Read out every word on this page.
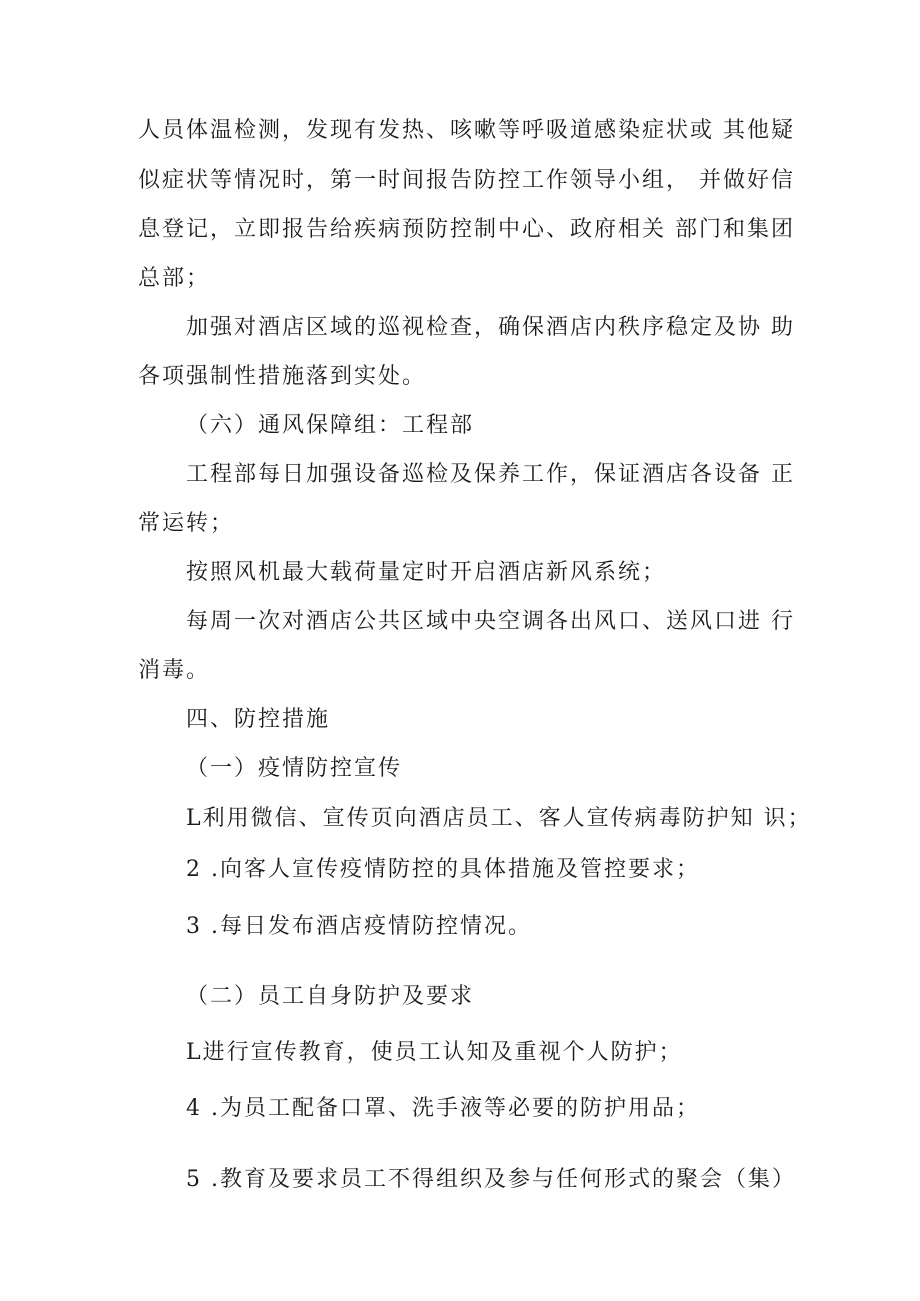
人员体温检测，发现有发热、咳嗽等呼吸道感染症状或 其他疑
似症状等情况时，第一时间报告防控工作领导小组， 并做好信
息登记，立即报告给疾病预防控制中心、政府相关 部门和集团
总部；
加强对酒店区域的巡视检查，确保酒店内秩序稳定及协 助
各项强制性措施落到实处。
（六）通风保障组：工程部
工程部每日加强设备巡检及保养工作，保证酒店各设备 正
常运转；
按照风机最大载荷量定时开启酒店新风系统；
每周一次对酒店公共区域中央空调各出风口、送风口进 行
消毒。
四、防控措施
（一）疫情防控宣传
L利用微信、宣传页向酒店员工、客人宣传病毒防护知 识；
2 .向客人宣传疫情防控的具体措施及管控要求；
3 .每日发布酒店疫情防控情况。
（二）员工自身防护及要求
L进行宣传教育，使员工认知及重视个人防护；
4 .为员工配备口罩、洗手液等必要的防护用品；
5 .教育及要求员工不得组织及参与任何形式的聚会（集）
